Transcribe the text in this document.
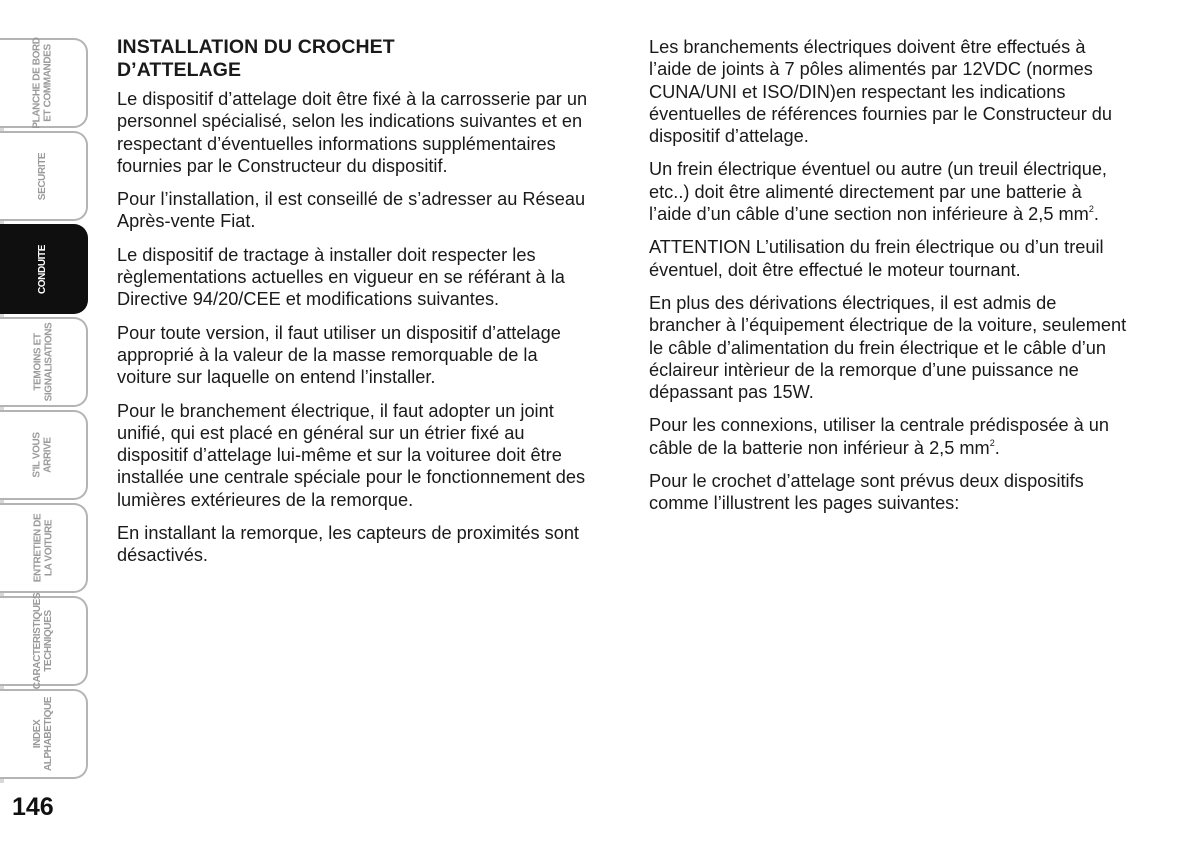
PLANCHE DE BORD
ET COMMANDES
SECURITE
CONDUITE
TEMOINS ET
SIGNALISATIONS
S'IL VOUS
ARRIVE
ENTRETIEN DE
LA VOITURE
CARACTERISTIQUES
TECHNIQUES
INDEX
ALPHABETIQUE
146
INSTALLATION DU CROCHET
D’ATTELAGE

Le dispositif d’attelage doit être fixé à la carrosserie par un personnel spécialisé, selon les indications suivantes et en respectant d’éventuelles informations supplémentaires fournies par le Constructeur du dispositif.

Pour l’installation, il est conseillé de s’adresser au Réseau Après-vente Fiat.

Le dispositif de tractage à installer doit respecter les règlementations actuelles en vigueur en se référant à la Directive 94/20/CEE et modifications suivantes.

Pour toute version, il faut utiliser un dispositif d’attelage approprié à la valeur de la masse remorquable de la voiture sur laquelle on entend l’installer.

Pour le branchement électrique, il faut adopter un joint unifié, qui est placé en général sur un étrier fixé au dispositif d’attelage lui-même et sur la voituree doit être installée une centrale spéciale pour le fonctionnement des lumières extérieures de la remorque.

En installant la remorque, les capteurs de proximités sont désactivés.

Les branchements électriques doivent être effectués à l’aide de joints à 7 pôles alimentés par 12VDC (normes CUNA/UNI et ISO/DIN)en respectant les indications éventuelles de références fournies par le Constructeur du dispositif d’attelage.

Un frein électrique éventuel ou autre (un treuil électrique, etc..) doit être alimenté directement par une batterie à l’aide d’un câble d’une section non inférieure à 2,5 $mm^2$.

ATTENTION L’utilisation du frein électrique ou d’un treuil éventuel, doit être effectué le moteur tournant.

En plus des dérivations électriques, il est admis de brancher à l’équipement électrique de la voiture, seulement le câble d’alimentation du frein électrique et le câble d’un éclaireur intèrieur de la remorque d’une puissance ne dépassant pas 15W.

Pour les connexions, utiliser la centrale prédisposée à un câble de la batterie non inférieur à 2,5 $mm^2$.

Pour le crochet d’attelage sont prévus deux dispositifs comme l’illustrent les pages suivantes:
